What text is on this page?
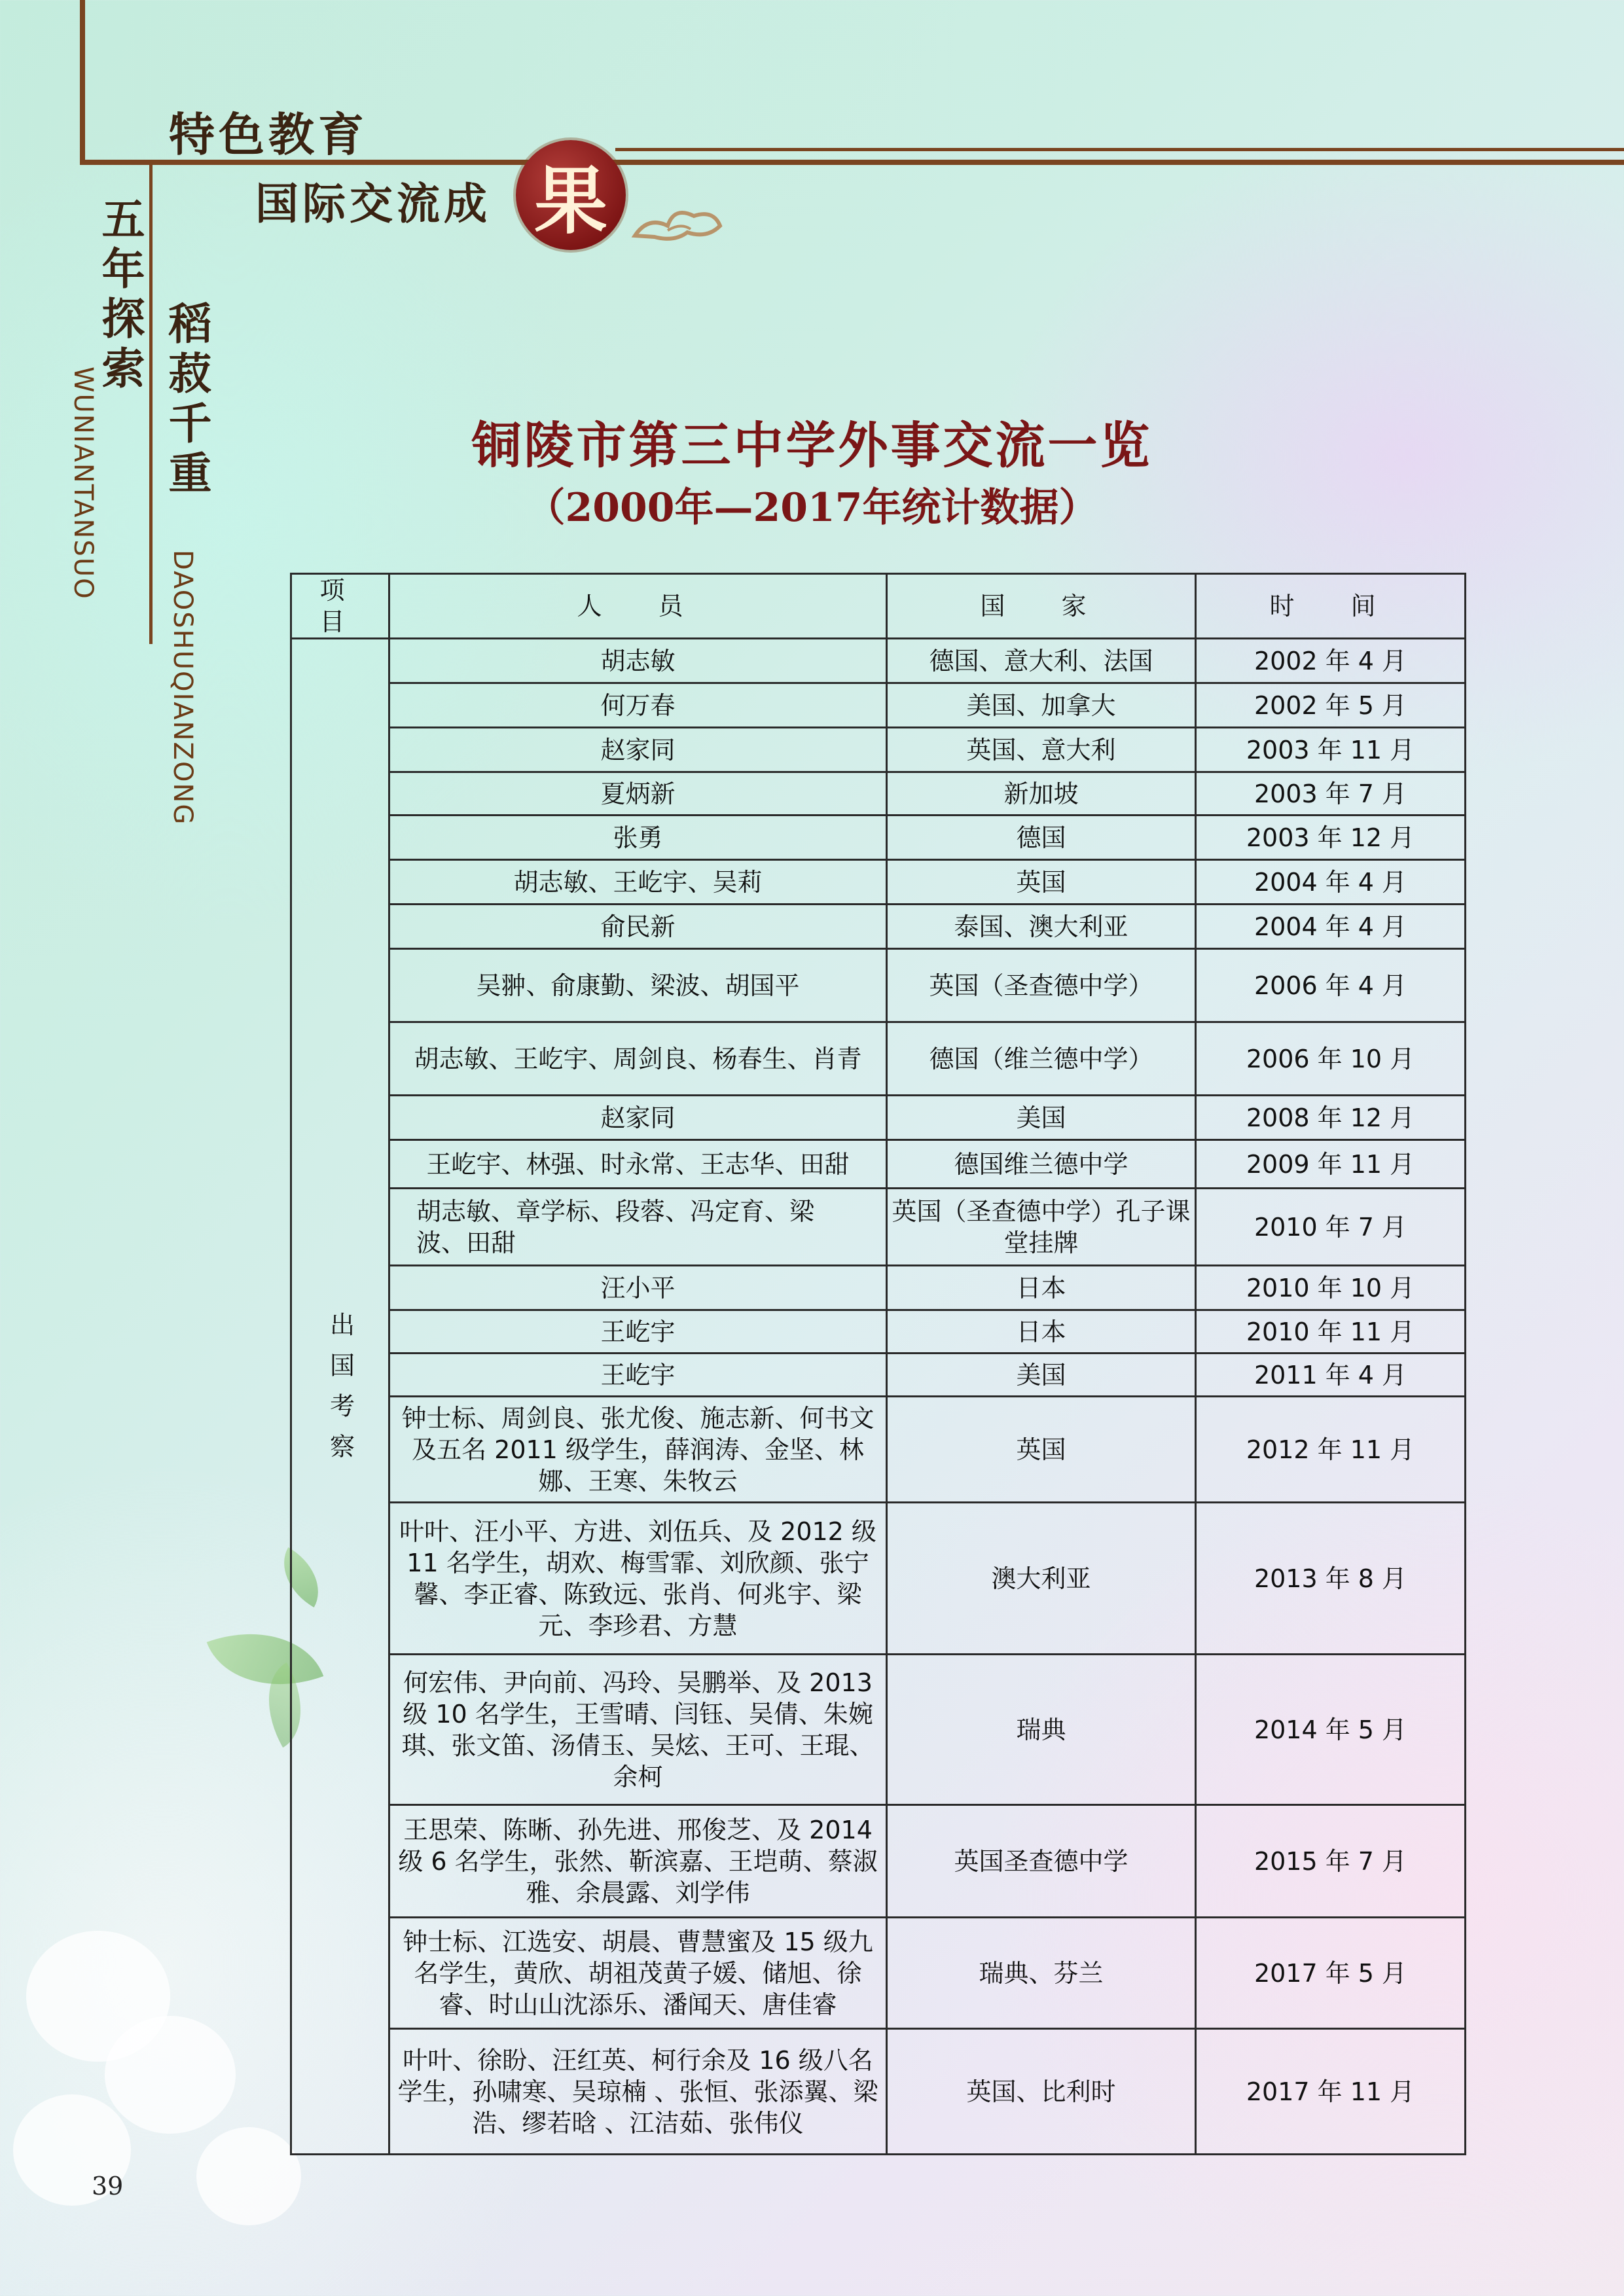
特色教育
国际交流成 果
五年探索
稻菽千重
WUNIANTANSUO
DAOSHUQIANZONG
铜陵市第三中学外事交流一览
（2000年—2017年统计数据）
项　目	人　员	国　家	时　间
出国考察	胡志敏	德国、意大利、法国	2002 年 4 月
	何万春	美国、加拿大	2002 年 5 月
	赵家同	英国、意大利	2003 年 11 月
	夏炳新	新加坡	2003 年 7 月
	张勇	德国	2003 年 12 月
	胡志敏、王屹宇、吴莉	英国	2004 年 4 月
	俞民新	泰国、澳大利亚	2004 年 4 月
	吴翀、俞康勤、梁波、胡国平	英国（圣查德中学）	2006 年 4 月
	胡志敏、王屹宇、周剑良、杨春生、肖青	德国（维兰德中学）	2006 年 10 月
	赵家同	美国	2008 年 12 月
	王屹宇、林强、时永常、王志华、田甜	德国维兰德中学	2009 年 11 月
	胡志敏、章学标、段蓉、冯定育、梁波、田甜	英国（圣查德中学）孔子课堂挂牌	2010 年 7 月
	汪小平	日本	2010 年 10 月
	王屹宇	日本	2010 年 11 月
	王屹宇	美国	2011 年 4 月
	钟士标、周剑良、张尤俊、施志新、何书文及五名 2011 级学生，薛润涛、金坚、林娜、王寒、朱牧云	英国	2012 年 11 月
	叶叶、汪小平、方进、刘伍兵、及 2012 级 11 名学生，胡欢、梅雪霏、刘欣颜、张宁馨、李正睿、陈致远、张肖、何兆宇、梁元、李珍君、方慧	澳大利亚	2013 年 8 月
	何宏伟、尹向前、冯玲、吴鹏举、及 2013 级 10 名学生，王雪晴、闫钰、吴倩、朱婉琪、张文笛、汤倩玉、吴炫、王可、王琨、余柯	瑞典	2014 年 5 月
	王思荣、陈晰、孙先进、邢俊芝、及 2014 级 6 名学生，张然、靳滨嘉、王垲萌、蔡淑雅、余晨露、刘学伟	英国圣查德中学	2015 年 7 月
	钟士标、江选安、胡晨、曹慧蜜及 15 级九名学生，黄欣、胡祖茂黄子媛、储旭、徐睿、时山山沈添乐、潘闻天、唐佳睿	瑞典、芬兰	2017 年 5 月
	叶叶、徐盼、汪红英、柯行余及 16 级八名学生，孙啸寒、吴琼楠 、张恒、张添翼、梁浩、缪若晗 、江洁茹、张伟仪	英国、比利时	2017 年 11 月
39
